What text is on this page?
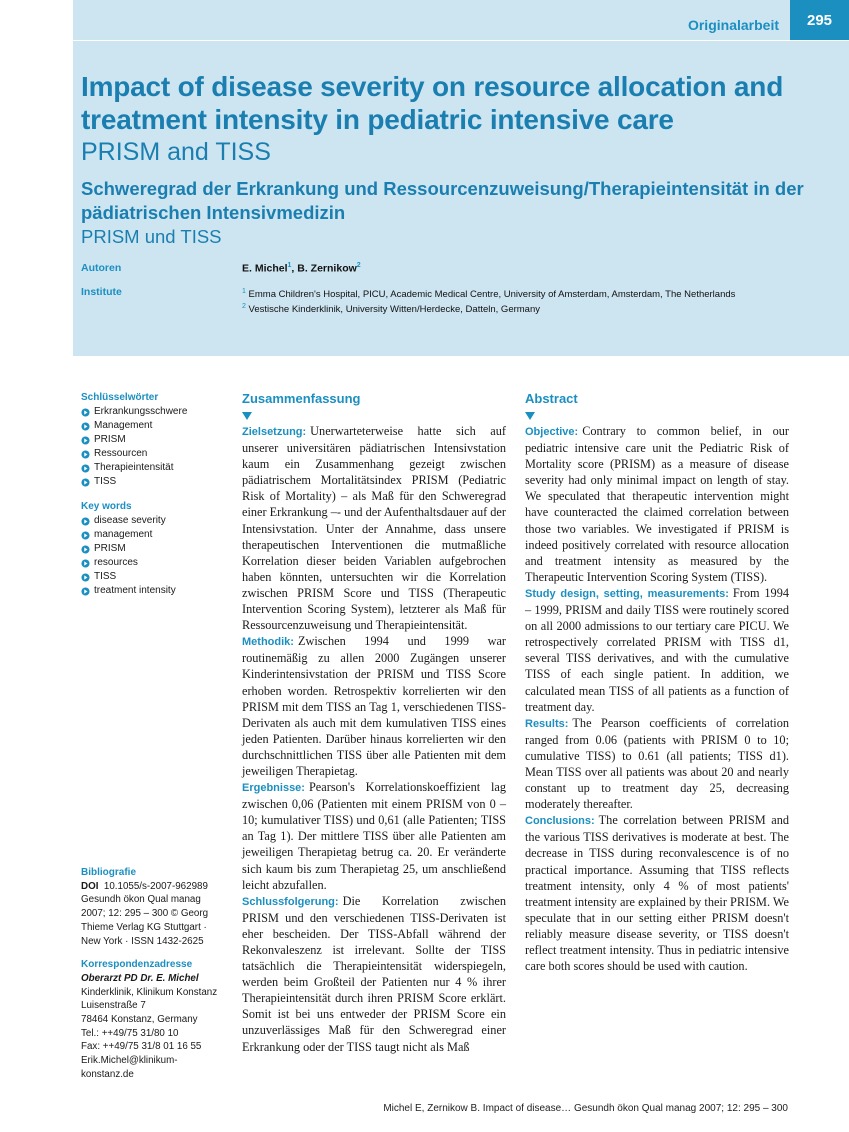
Originalarbeit	295
Impact of disease severity on resource allocation and treatment intensity in pediatric intensive care
PRISM and TISS
Schweregrad der Erkrankung und Ressourcenzuweisung/Therapieintensität in der pädiatrischen Intensivmedizin
PRISM und TISS
Autoren	E. Michel$^1$, B. Zernikow$^2$
Institute	$^1$ Emma Children's Hospital, PICU, Academic Medical Centre, University of Amsterdam, Amsterdam, The Netherlands
$^2$ Vestische Kinderklinik, University Witten/Herdecke, Datteln, Germany
Schlüsselwörter
Erkrankungsschwere
Management
PRISM
Ressourcen
Therapieintensität
TISS
Key words
disease severity
management
PRISM
resources
TISS
treatment intensity
Bibliografie
DOI 10.1055/s-2007-962989
Gesundh ökon Qual manag
2007; 12: 295 – 300 © Georg
Thieme Verlag KG Stuttgart ·
New York · ISSN 1432-2625
Korrespondenzadresse
Oberarzt PD Dr. E. Michel
Kinderklinik, Klinikum Konstanz
Luisenstraße 7
78464 Konstanz, Germany
Tel.: ++49/75 31/80 10
Fax: ++49/75 31/8 01 16 55
Erik.Michel@klinikum-
konstanz.de
Zusammenfassung

Zielsetzung: Unerwarteterweise hatte sich auf unserer universitären pädiatrischen Intensivstation kaum ein Zusammenhang gezeigt zwischen pädiatrischem Mortalitätsindex PRISM (Pediatric Risk of Mortality) – als Maß für den Schweregrad einer Erkrankung –- und der Aufenthaltsdauer auf der Intensivstation. Unter der Annahme, dass unsere therapeutischen Interventionen die mutmaßliche Korrelation dieser beiden Variablen aufgebrochen haben könnten, untersuchten wir die Korrelation zwischen PRISM Score und TISS (Therapeutic Intervention Scoring System), letzterer als Maß für Ressourcenzuweisung und Therapieintensität.
Methodik: Zwischen 1994 und 1999 war routinemäßig zu allen 2000 Zugängen unserer Kinderintensivstation der PRISM und TISS Score erhoben worden. Retrospektiv korrelierten wir den PRISM mit dem TISS an Tag 1, verschiedenen TISS-Derivaten als auch mit dem kumulativen TISS eines jeden Patienten. Darüber hinaus korrelierten wir den durchschnittlichen TISS über alle Patienten mit dem jeweiligen Therapietag.
Ergebnisse: Pearson's Korrelationskoeffizient lag zwischen 0,06 (Patienten mit einem PRISM von 0 – 10; kumulativer TISS) und 0,61 (alle Patienten; TISS an Tag 1). Der mittlere TISS über alle Patienten am jeweiligen Therapietag betrug ca. 20. Er veränderte sich kaum bis zum Therapietag 25, um anschließend leicht abzufallen.
Schlussfolgerung: Die Korrelation zwischen PRISM und den verschiedenen TISS-Derivaten ist eher bescheiden. Der TISS-Abfall während der Rekonvaleszenz ist irrelevant. Sollte der TISS tatsächlich die Therapieintensität widerspiegeln, werden beim Großteil der Patienten nur 4 % ihrer Therapieintensität durch ihren PRISM Score erklärt. Somit ist bei uns entweder der PRISM Score ein unzuverlässiges Maß für den Schweregrad einer Erkrankung oder der TISS taugt nicht als Maß

Abstract

Objective: Contrary to common belief, in our pediatric intensive care unit the Pediatric Risk of Mortality score (PRISM) as a measure of disease severity had only minimal impact on length of stay. We speculated that therapeutic intervention might have counteracted the claimed correlation between those two variables. We investigated if PRISM is indeed positively correlated with resource allocation and treatment intensity as measured by the Therapeutic Intervention Scoring System (TISS).
Study design, setting, measurements: From 1994 – 1999, PRISM and daily TISS were routinely scored on all 2000 admissions to our tertiary care PICU. We retrospectively correlated PRISM with TISS d1, several TISS derivatives, and with the cumulative TISS of each single patient. In addition, we calculated mean TISS of all patients as a function of treatment day.
Results: The Pearson coefficients of correlation ranged from 0.06 (patients with PRISM 0 to 10; cumulative TISS) to 0.61 (all patients; TISS d1). Mean TISS over all patients was about 20 and nearly constant up to treatment day 25, decreasing moderately thereafter.
Conclusions: The correlation between PRISM and the various TISS derivatives is moderate at best. The decrease in TISS during reconvalescence is of no practical importance. Assuming that TISS reflects treatment intensity, only 4 % of most patients' treatment intensity are explained by their PRISM. We speculate that in our setting either PRISM doesn't reliably measure disease severity, or TISS doesn't reflect treatment intensity. Thus in pediatric intensive care both scores should be used with caution.

Michel E, Zernikow B. Impact of disease… Gesundh ökon Qual manag 2007; 12: 295 – 300
